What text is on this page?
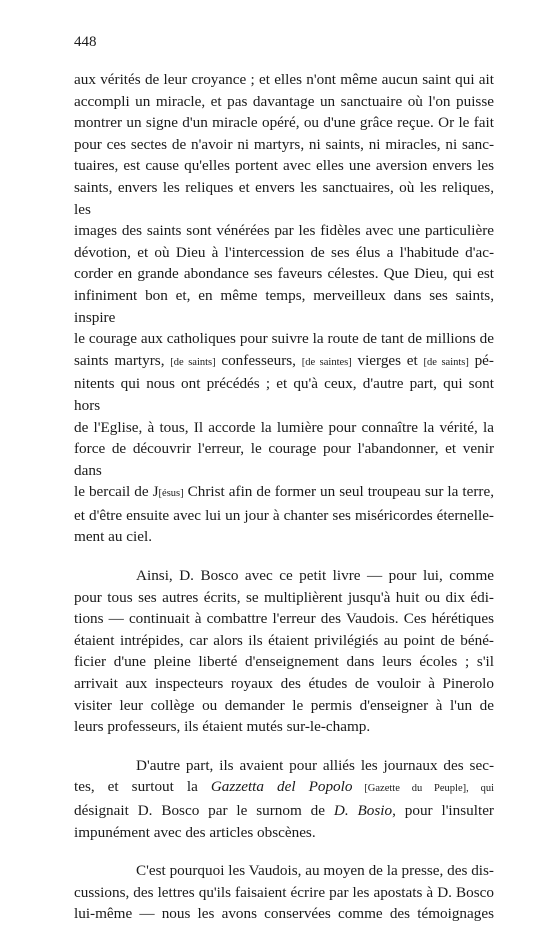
448
aux vérités de leur croyance ; et elles n'ont même aucun saint qui ait
accompli un miracle, et pas davantage un sanctuaire où l'on puisse
montrer un signe d'un miracle opéré, ou d'une grâce reçue. Or le fait
pour ces sectes de n'avoir ni martyrs, ni saints, ni miracles, ni sanc-
tuaires, est cause qu'elles portent avec elles une aversion envers les
saints, envers les reliques et envers les sanctuaires, où les reliques, les
images des saints sont vénérées par les fidèles avec une particulière
dévotion, et où Dieu à l'intercession de ses élus a l'habitude d'ac-
corder en grande abondance ses faveurs célestes. Que Dieu, qui est
infiniment bon et, en même temps, merveilleux dans ses saints, inspire
le courage aux catholiques pour suivre la route de tant de millions de
saints martyrs, [de saints] confesseurs, [de saintes] vierges et [de saints] pé-
nitents qui nous ont précédés ; et qu'à ceux, d'autre part, qui sont hors
de l'Eglise, à tous, Il accorde la lumière pour connaître la vérité, la
force de découvrir l'erreur, le courage pour l'abandonner, et venir dans
le bercail de J[ésus] Christ afin de former un seul troupeau sur la terre,
et d'être ensuite avec lui un jour à chanter ses miséricordes éternelle-
ment au ciel.
Ainsi, D. Bosco avec ce petit livre — pour lui, comme
pour tous ses autres écrits, se multiplièrent jusqu'à huit ou dix édi-
tions — continuait à combattre l'erreur des Vaudois. Ces hérétiques
étaient intrépides, car alors ils étaient privilégiés au point de béné-
ficier d'une pleine liberté d'enseignement dans leurs écoles ; s'il
arrivait aux inspecteurs royaux des études de vouloir à Pinerolo
visiter leur collège ou demander le permis d'enseigner à l'un de
leurs professeurs, ils étaient mutés sur-le-champ.
D'autre part, ils avaient pour alliés les journaux des sec-
tes, et surtout la Gazzetta del Popolo [Gazette du Peuple], qui
désignait D. Bosco par le surnom de D. Bosio, pour l'insulter
impunément avec des articles obscènes.
C'est pourquoi les Vaudois, au moyen de la presse, des dis-
cussions, des lettres qu'ils faisaient écrire par les apostats à D. Bosco
lui-même — nous les avons conservées comme des témoignages
